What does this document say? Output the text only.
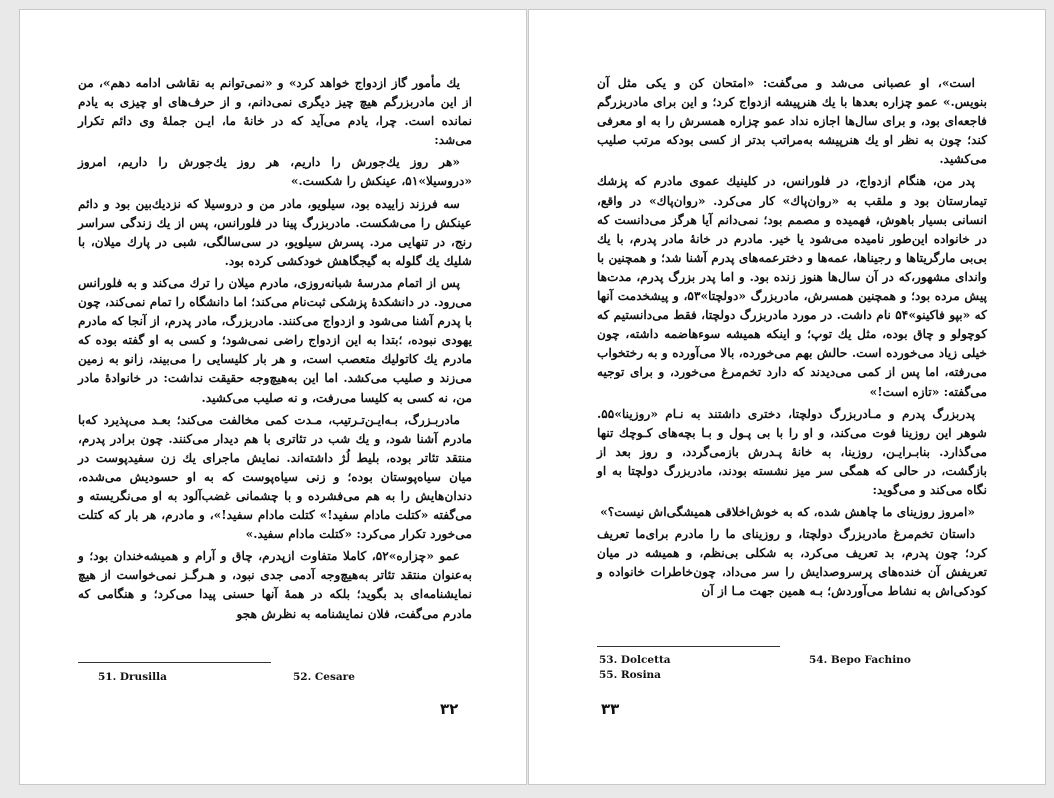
یك مأمور گاز ازدواج خواهد كرد» و «نمی‌توانم به نقاشی ادامه دهم»، من از این مادربزرگم هیچ چیز دیگری نمی‌دانم، و از حرف‌های او چیزی به یادم نمانده است. چرا، یادم می‌آید كه در خانهٔ ما، ایـن جملهٔ وی دائم تكرار می‌شد:

«هر روز یك‌جورش را داریم، هر روز یك‌جورش را داریم، امروز «دروسیلا»۵۱، عینكش را شكست.»

سه فرزند زاییده بود، سیلویو، مادر من و دروسیلا كه نزدیك‌بین بود و دائم عینكش را می‌شكست. مادربزرگ پینا در فلورانس، پس از یك زندگی سراسر رنج، در تنهایی مرد. پسرش سیلویو، در سی‌سالگی، شبی در پارك میلان، با شلیك یك گلوله به گیجگاهش خودكشی كرده بود.

پس از اتمام مدرسهٔ شبانه‌روزی، مادرم میلان را ترك می‌كند و به فلورانس می‌رود. در دانشكدهٔ پزشكی ثبت‌نام می‌كند؛ اما دانشگاه را تمام نمی‌كند، چون با پدرم آشنا می‌شود و ازدواج می‌كنند. مادربزرگ، مادر پدرم، از آنجا كه مادرم یهودی نبوده، ؛بتدا به این ازدواج راضی نمی‌شود؛ و كسی به او گفته بوده كه مادرم یك كاتولیك متعصب است، و هر بار كلیسایی را می‌بیند، زانو به زمین می‌زند و صلیب می‌كشد. اما این به‌هیچ‌وجه حقیقت نداشت: در خانوادهٔ مادر من، نه كسی به كلیسا می‌رفت، و نه صلیب می‌كشید.

مادربـزرگ، بـه‌ایـن‌تـرتیب، مـدت كمی مخالفت می‌كند؛ بعـد می‌پذیرد كه‌با مادرم آشنا شود، و یك شب در تئاتری با هم دیدار می‌كنند. چون برادر پدرم، منتقد تئاتر بوده، بلیط لُژ داشته‌اند. نمایش ماجرای یك زن سفیدپوست در میان سیاه‌پوستان بوده؛ و زنی سیاه‌پوست كه به او حسودیش می‌شده، دندان‌هایش را به هم می‌فشرده و با چشمانی غضب‌آلود به او می‌نگریسته و می‌گفته «كتلت مادام سفید!» كتلت مادام سفید!»، و مادرم، هر بار كه كتلت می‌خورد تكرار می‌كرد: «كتلت مادام سفید.»

عمو «چزاره»۵۲، كاملا متفاوت ازپدرم، چاق و آرام و همیشه‌خندان بود؛ و به‌عنوان منتقد تئاتر به‌هیچ‌وجه آدمی جدی نبود، و هـرگـز نمی‌خواست از هیچ نمایشنامه‌ای بد بگوید؛ بلكه در همهٔ آنها حسنی پیدا می‌كرد؛ و هنگامی كه مادرم می‌گفت، فلان نمایشنامه به نظرش هجو

51. Drusilla	52. Cesare
۳۲

است»، او عصبانی می‌شد و می‌گفت: «امتحان كن و یكی مثل آن بنویس.» عمو چزاره بعدها با یك هنرپیشه ازدواج كرد؛ و این برای مادربزرگم فاجعه‌ای بود، و برای سال‌ها اجازه نداد عمو چزاره همسرش را به او معرفی كند؛ چون به نظر او یك هنرپیشه به‌مراتب بدتر از كسی بودكه مرتب صلیب می‌كشید.

پدر من، هنگام ازدواج، در فلورانس، در كلینیك عموی مادرم كه پزشك تیمارستان بود و ملقب به «روان‌پاك» كار می‌كرد. «روان‌پاك» در واقع، انسانی بسیار باهوش، فهمیده و مصمم بود؛ نمی‌دانم آیا هرگز می‌دانست كه در خانواده این‌طور نامیده می‌شود یا خیر. مادرم در خانهٔ مادر پدرم، با یك بی‌بی مارگریتاها و رجیناها، عمه‌ها و دخترعمه‌های پدرم آشنا شد؛ و همچنین با واندای مشهور،كه در آن سال‌ها هنوز زنده بود. و اما پدر بزرگ پدرم، مدت‌ها پیش مرده بود؛ و همچنین همسرش، مادربزرگ «دولچتا»۵۳، و پیشخدمت آنها كه «بپو فاكینو»۵۴ نام داشت. در مورد مادربزرگ دولچتا، فقط می‌دانستیم كه كوچولو و چاق بوده، مثل یك توپ؛ و اینكه همیشه سوءهاضمه داشته، چون خیلی زیاد می‌خورده است. حالش بهم می‌خورده، بالا می‌آورده و به رختخواب می‌رفته، اما پس از كمی می‌دیدند كه دارد تخم‌مرغ می‌خورد، و برای توجیه می‌گفته: «تازه است!»

پدربزرگ پدرم و مـادربزرگ دولچتا، دختری داشتند به نـام «روزینا»۵۵. شوهر این روزینا فوت می‌كند، و او را با بی پـول و بـا بچه‌های كـوچك تنها می‌گذارد. بنابـرایـن، روزینا، به خانهٔ پـدرش بازمی‌گردد، و روز بعد از بازگشت، در حالی كه همگی سر میز نشسته بودند، مادربزرگ دولچتا به او نگاه می‌كند و می‌گوید:

«امروز روزینای ما چاهش شده، كه به خوش‌اخلاقی همیشگی‌اش نیست؟»

داستان تخم‌مرغ مادربزرگ دولچتا، و روزینای ما را مادرم برای‌ما تعریف كرد؛ چون پدرم، بد تعریف می‌كرد، به شكلی بی‌نظم، و همیشه در میان تعریفش آن خنده‌های پرسروصدایش را سر می‌داد، چون‌خاطرات خانواده و كودكی‌اش به نشاط می‌آوردش؛ بـه همین جهت مـا از آن

53. Dolcetta	54. Bepo Fachino
55. Rosina
۳۳
